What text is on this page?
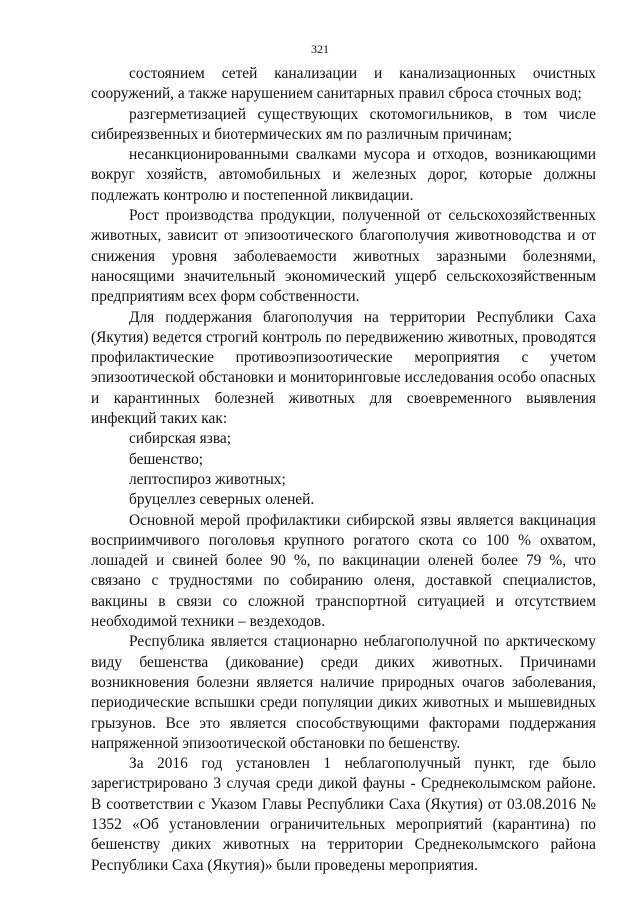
321

состоянием сетей канализации и канализационных очистных сооружений, а также нарушением санитарных правил сброса сточных вод;

разгерметизацией существующих скотомогильников, в том числе сибиреязвенных и биотермических ям по различным причинам;

несанкционированными свалками мусора и отходов, возникающими вокруг хозяйств, автомобильных и железных дорог, которые должны подлежать контролю и постепенной ликвидации.

Рост производства продукции, полученной от сельскохозяйственных животных, зависит от эпизоотического благополучия животноводства и от снижения уровня заболеваемости животных заразными болезнями, наносящими значительный экономический ущерб сельскохозяйственным предприятиям всех форм собственности.

Для поддержания благополучия на территории Республики Саха (Якутия) ведется строгий контроль по передвижению животных, проводятся профилактические противоэпизоотические мероприятия с учетом эпизоотической обстановки и мониторинговые исследования особо опасных и карантинных болезней животных для своевременного выявления инфекций таких как:

сибирская язва;

бешенство;

лептоспироз животных;

бруцеллез северных оленей.

Основной мерой профилактики сибирской язвы является вакцинация восприимчивого поголовья крупного рогатого скота со 100 % охватом, лошадей и свиней более 90 %, по вакцинации оленей более 79 %, что связано с трудностями по собиранию оленя, доставкой специалистов, вакцины в связи со сложной транспортной ситуацией и отсутствием необходимой техники – вездеходов.

Республика является стационарно неблагополучной по арктическому виду бешенства (дикование) среди диких животных. Причинами возникновения болезни является наличие природных очагов заболевания, периодические вспышки среди популяции диких животных и мышевидных грызунов. Все это является способствующими факторами поддержания напряженной эпизоотической обстановки по бешенству.

За 2016 год установлен 1 неблагополучный пункт, где было зарегистрировано 3 случая среди дикой фауны - Среднеколымском районе. В соответствии с Указом Главы Республики Саха (Якутия) от 03.08.2016 № 1352 «Об установлении ограничительных мероприятий (карантина) по бешенству диких животных на территории Среднеколымского района Республики Саха (Якутия)» были проведены мероприятия.
